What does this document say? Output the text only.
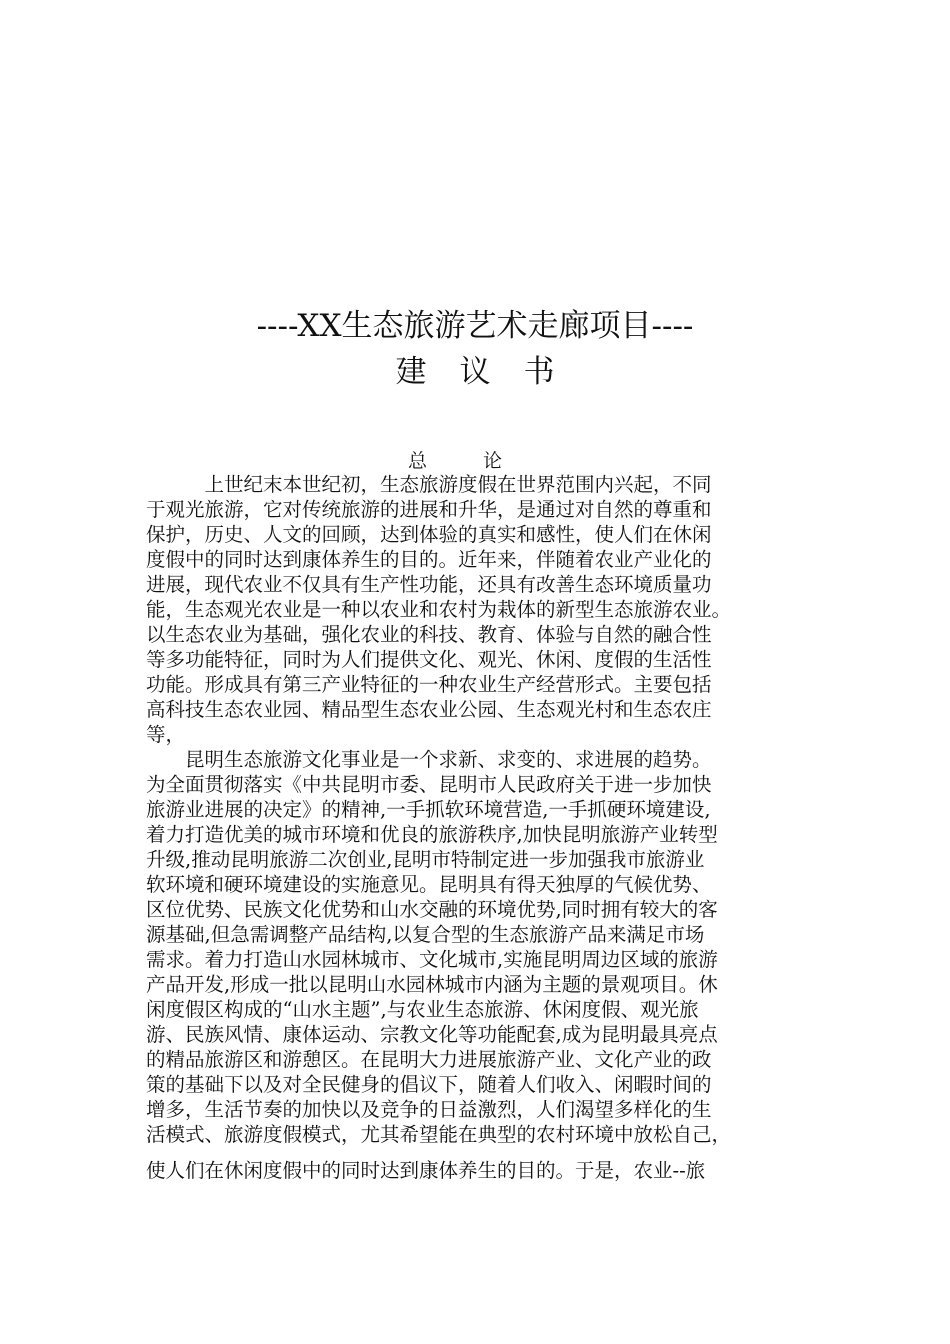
----XX生态旅游艺术走廊项目----
建议书
总论
　　　上世纪末本世纪初，生态旅游度假在世界范围内兴起，不同
于观光旅游，它对传统旅游的进展和升华，是通过对自然的尊重和
保护，历史、人文的回顾，达到体验的真实和感性，使人们在休闲
度假中的同时达到康体养生的目的。近年来，伴随着农业产业化的
进展，现代农业不仅具有生产性功能，还具有改善生态环境质量功
能，生态观光农业是一种以农业和农村为栽体的新型生态旅游农业。
以生态农业为基础，强化农业的科技、教育、体验与自然的融合性
等多功能特征，同时为人们提供文化、观光、休闲、度假的生活性
功能。形成具有第三产业特征的一种农业生产经营形式。主要包括
高科技生态农业园、精品型生态农业公园、生态观光村和生态农庄
等，
　　昆明生态旅游文化事业是一个求新、求变的、求进展的趋势。
为全面贯彻落实《中共昆明市委、昆明市人民政府关于进一步加快
旅游业进展的决定》的精神,一手抓软环境营造,一手抓硬环境建设,
着力打造优美的城市环境和优良的旅游秩序,加快昆明旅游产业转型
升级,推动昆明旅游二次创业,昆明市特制定进一步加强我市旅游业
软环境和硬环境建设的实施意见。昆明具有得天独厚的气候优势、
区位优势、民族文化优势和山水交融的环境优势,同时拥有较大的客
源基础,但急需调整产品结构,以复合型的生态旅游产品来满足市场
需求。着力打造山水园林城市、文化城市,实施昆明周边区域的旅游
产品开发,形成一批以昆明山水园林城市内涵为主题的景观项目。休
闲度假区构成的“山水主题”,与农业生态旅游、休闲度假、观光旅
游、民族风情、康体运动、宗教文化等功能配套,成为昆明最具亮点
的精品旅游区和游憩区。在昆明大力进展旅游产业、文化产业的政
策的基础下以及对全民健身的倡议下，随着人们收入、闲暇时间的
增多，生活节奏的加快以及竞争的日益激烈，人们渴望多样化的生
活模式、旅游度假模式，尤其希望能在典型的农村环境中放松自己，
使人们在休闲度假中的同时达到康体养生的目的。于是，农业--旅
